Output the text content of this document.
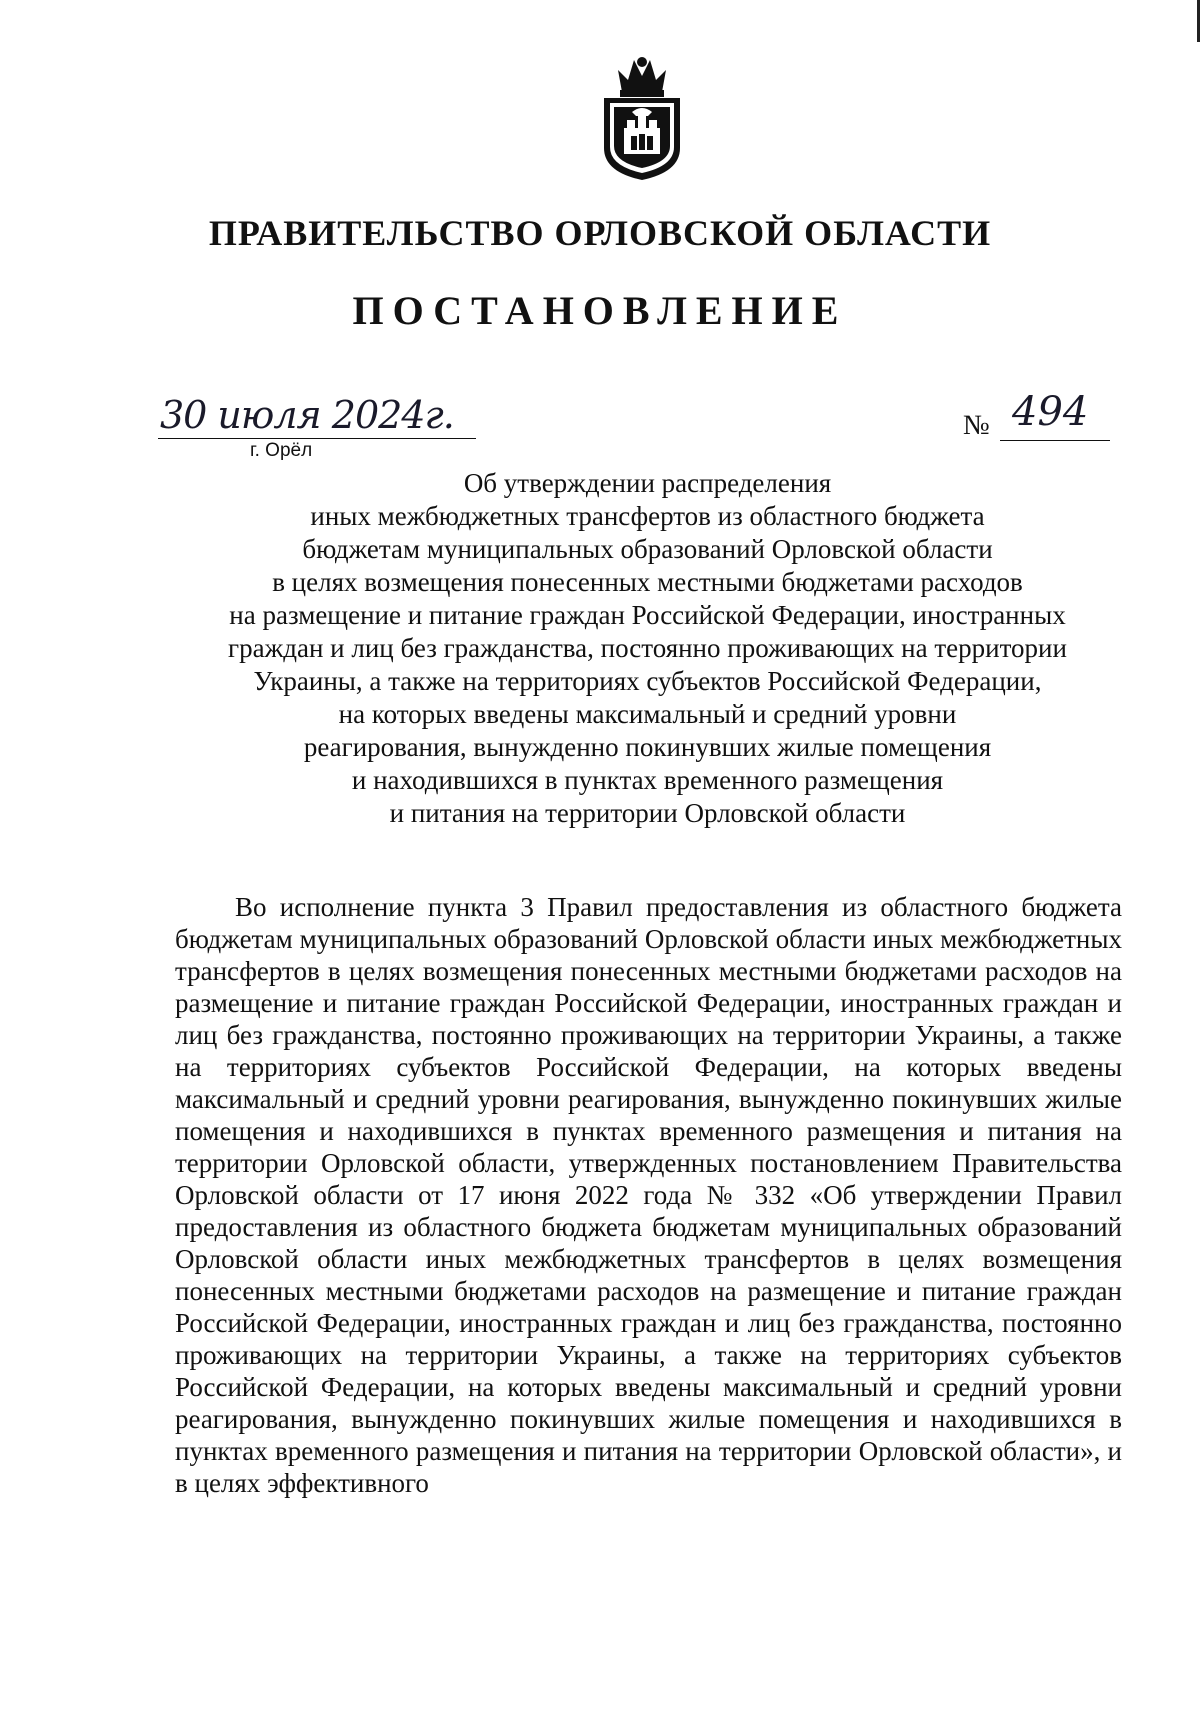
ПРАВИТЕЛЬСТВО ОРЛОВСКОЙ ОБЛАСТИ
ПОСТАНОВЛЕНИЕ
30 июля 2024г.
г. Орёл
№ 494
Об утверждении распределения
иных межбюджетных трансфертов из областного бюджета
бюджетам муниципальных образований Орловской области
в целях возмещения понесенных местными бюджетами расходов
на размещение и питание граждан Российской Федерации, иностранных
граждан и лиц без гражданства, постоянно проживающих на территории
Украины, а также на территориях субъектов Российской Федерации,
на которых введены максимальный и средний уровни
реагирования, вынужденно покинувших жилые помещения
и находившихся в пунктах временного размещения
и питания на территории Орловской области

Во исполнение пункта 3 Правил предоставления из областного бюджета бюджетам муниципальных образований Орловской области иных межбюджетных трансфертов в целях возмещения понесенных местными бюджетами расходов на размещение и питание граждан Российской Федерации, иностранных граждан и лиц без гражданства, постоянно проживающих на территории Украины, а также на территориях субъектов Российской Федерации, на которых введены максимальный и средний уровни реагирования, вынужденно покинувших жилые помещения и находившихся в пунктах временного размещения и питания на территории Орловской области, утвержденных постановлением Правительства Орловской области от 17 июня 2022 года № 332 «Об утверждении Правил предоставления из областного бюджета бюджетам муниципальных образований Орловской области иных межбюджетных трансфертов в целях возмещения понесенных местными бюджетами расходов на размещение и питание граждан Российской Федерации, иностранных граждан и лиц без гражданства, постоянно проживающих на территории Украины, а также на территориях субъектов Российской Федерации, на которых введены максимальный и средний уровни реагирования, вынужденно покинувших жилые помещения и находившихся в пунктах временного размещения и питания на территории Орловской области», и в целях эффективного
